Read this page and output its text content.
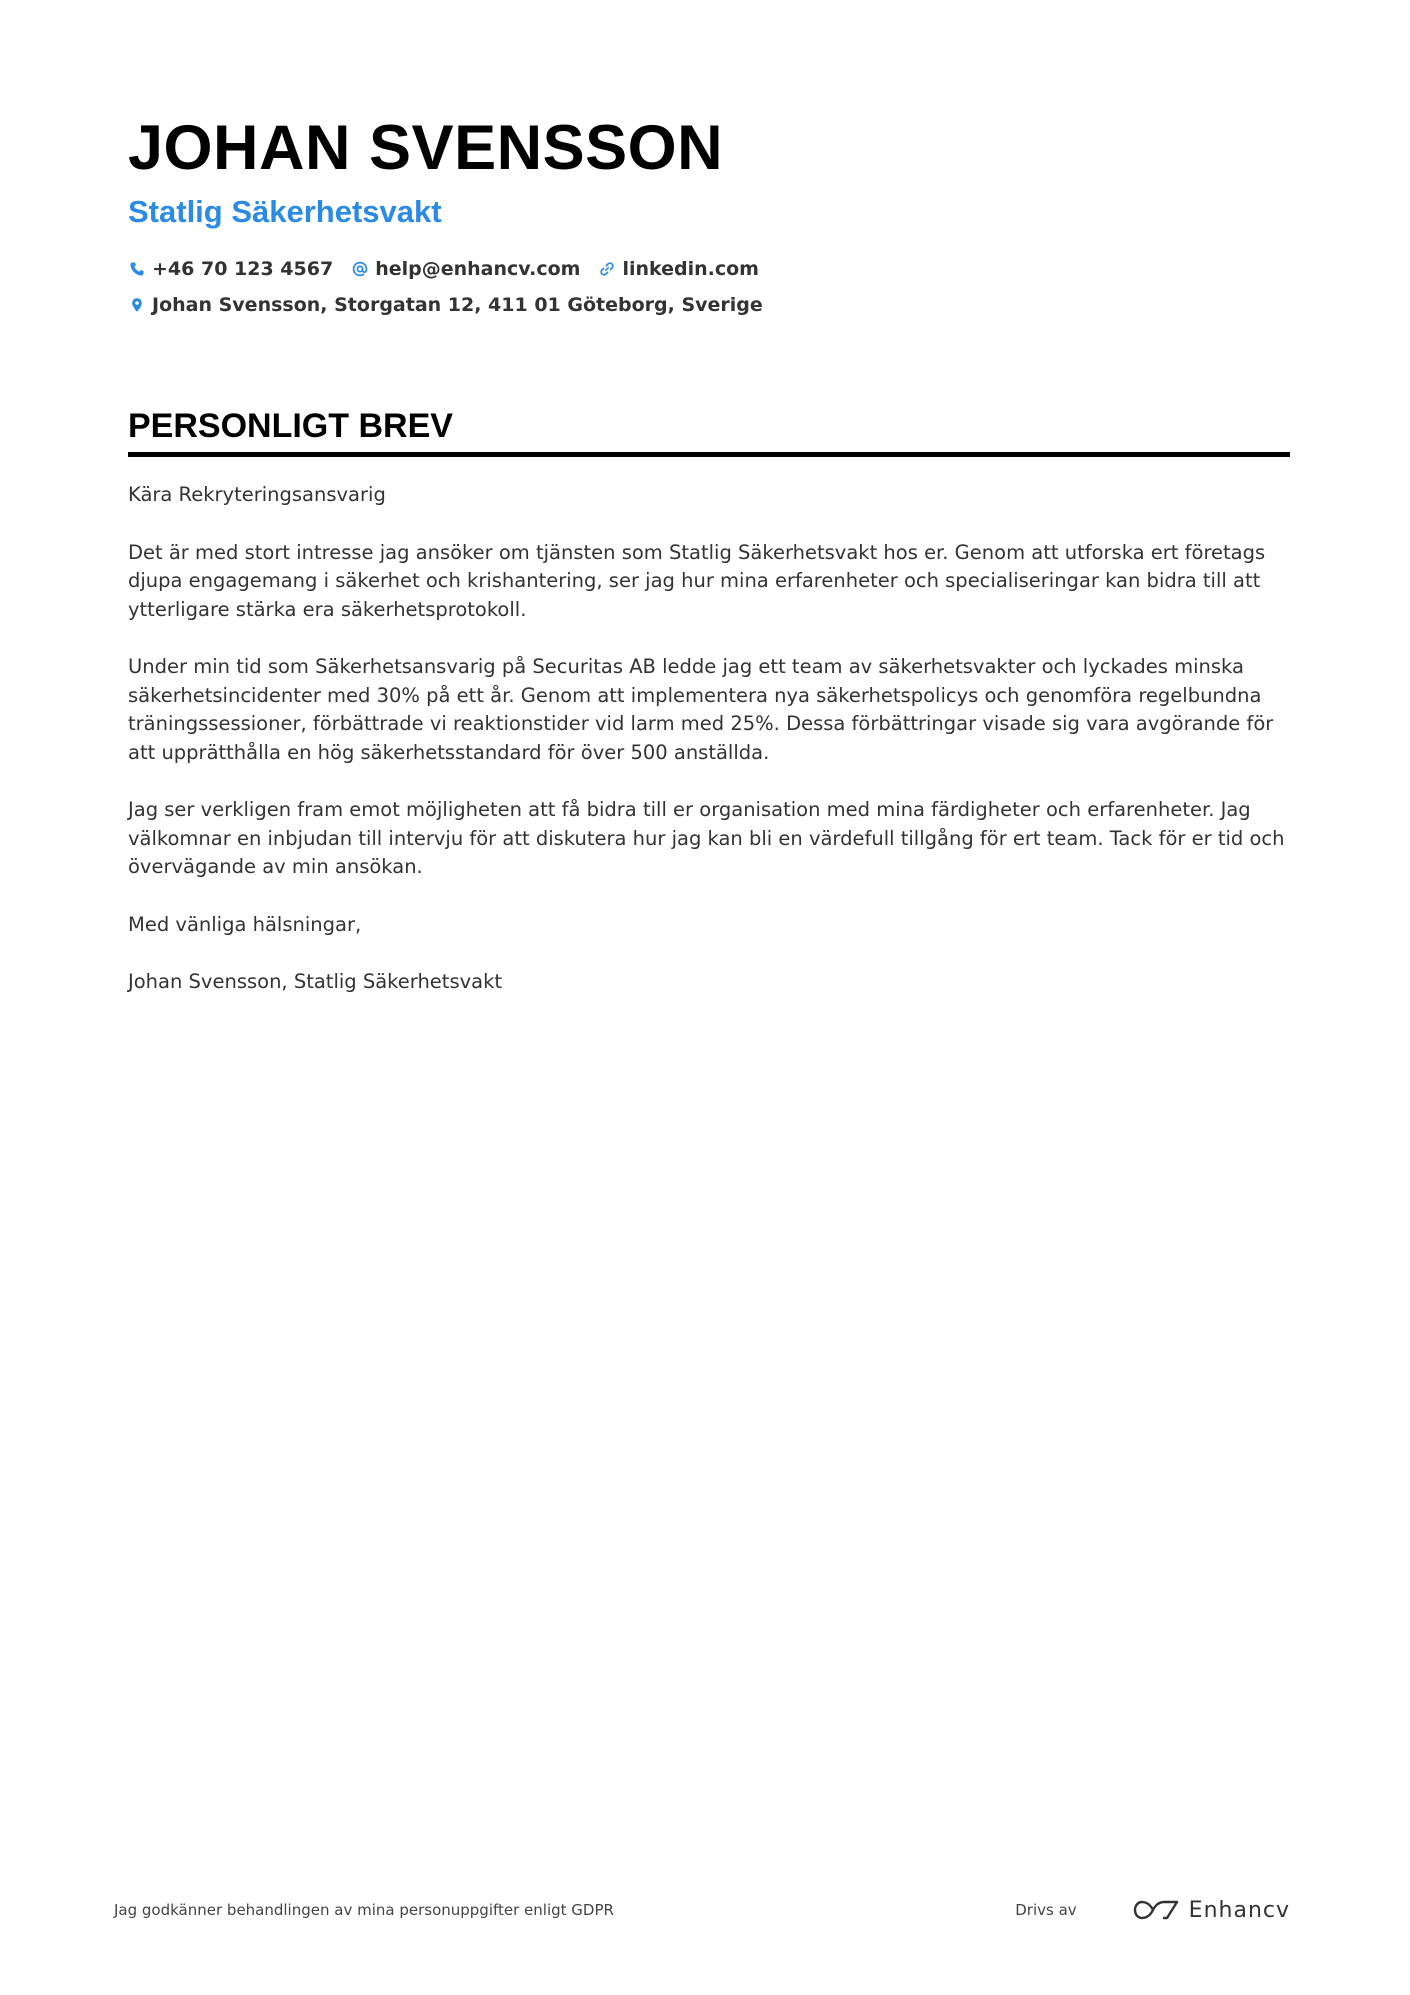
JOHAN SVENSSON
Statlig Säkerhetsvakt
+46 70 123 4567 help@enhancv.com linkedin.com
Johan Svensson, Storgatan 12, 411 01 Göteborg, Sverige
PERSONLIGT BREV

Kära Rekryteringsansvarig

Det är med stort intresse jag ansöker om tjänsten som Statlig Säkerhetsvakt hos er. Genom att utforska ert företags djupa engagemang i säkerhet och krishantering, ser jag hur mina erfarenheter och specialiseringar kan bidra till att ytterligare stärka era säkerhetsprotokoll.

Under min tid som Säkerhetsansvarig på Securitas AB ledde jag ett team av säkerhetsvakter och lyckades minska säkerhetsincidenter med 30% på ett år. Genom att implementera nya säkerhetspolicys och genomföra regelbundna träningssessioner, förbättrade vi reaktionstider vid larm med 25%. Dessa förbättringar visade sig vara avgörande för att upprätthålla en hög säkerhetsstandard för över 500 anställda.

Jag ser verkligen fram emot möjligheten att få bidra till er organisation med mina färdigheter och erfarenheter. Jag välkomnar en inbjudan till intervju för att diskutera hur jag kan bli en värdefull tillgång för ert team. Tack för er tid och övervägande av min ansökan.

Med vänliga hälsningar,

Johan Svensson, Statlig Säkerhetsvakt

Jag godkänner behandlingen av mina personuppgifter enligt GDPR	Drivs av	Enhancv
